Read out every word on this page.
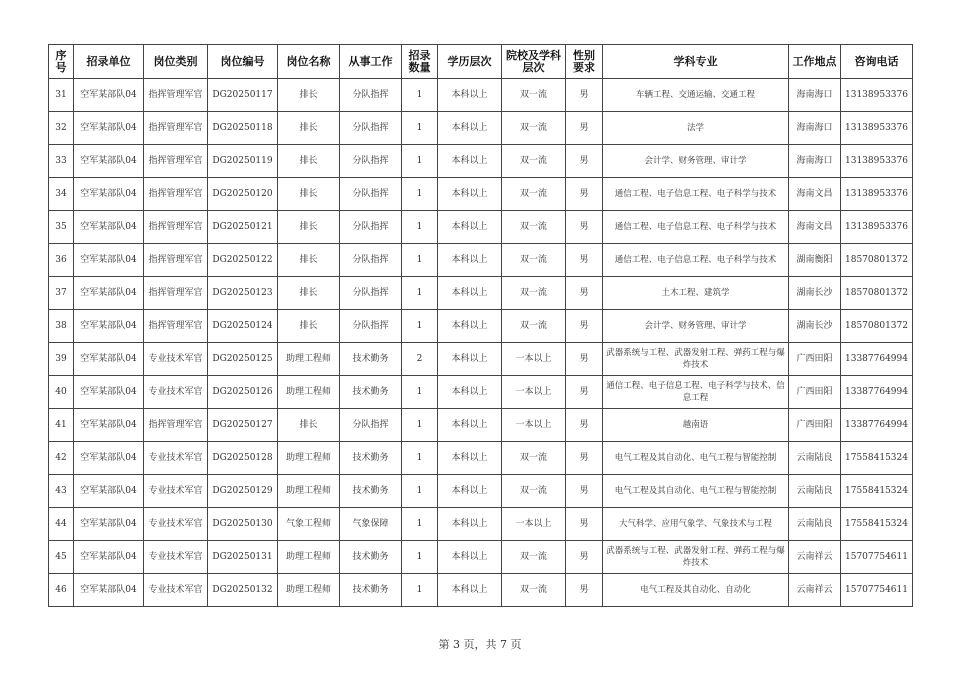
序号	招录单位	岗位类别	岗位编号	岗位名称	从事工作	招录数量	学历层次	院校及学科层次	性别要求	学科专业	工作地点	咨询电话
31	空军某部队04	指挥管理军官	DG20250117	排长	分队指挥	1	本科以上	双一流	男	车辆工程、交通运输、交通工程	海南海口	13138953376
32	空军某部队04	指挥管理军官	DG20250118	排长	分队指挥	1	本科以上	双一流	男	法学	海南海口	13138953376
33	空军某部队04	指挥管理军官	DG20250119	排长	分队指挥	1	本科以上	双一流	男	会计学、财务管理、审计学	海南海口	13138953376
34	空军某部队04	指挥管理军官	DG20250120	排长	分队指挥	1	本科以上	双一流	男	通信工程、电子信息工程、电子科学与技术	海南文昌	13138953376
35	空军某部队04	指挥管理军官	DG20250121	排长	分队指挥	1	本科以上	双一流	男	通信工程、电子信息工程、电子科学与技术	海南文昌	13138953376
36	空军某部队04	指挥管理军官	DG20250122	排长	分队指挥	1	本科以上	双一流	男	通信工程、电子信息工程、电子科学与技术	湖南衡阳	18570801372
37	空军某部队04	指挥管理军官	DG20250123	排长	分队指挥	1	本科以上	双一流	男	土木工程、建筑学	湖南长沙	18570801372
38	空军某部队04	指挥管理军官	DG20250124	排长	分队指挥	1	本科以上	双一流	男	会计学、财务管理、审计学	湖南长沙	18570801372
39	空军某部队04	专业技术军官	DG20250125	助理工程师	技术勤务	2	本科以上	一本以上	男	武器系统与工程、武器发射工程、弹药工程与爆炸技术	广西田阳	13387764994
40	空军某部队04	专业技术军官	DG20250126	助理工程师	技术勤务	1	本科以上	一本以上	男	通信工程、电子信息工程、电子科学与技术、信息工程	广西田阳	13387764994
41	空军某部队04	指挥管理军官	DG20250127	排长	分队指挥	1	本科以上	一本以上	男	越南语	广西田阳	13387764994
42	空军某部队04	专业技术军官	DG20250128	助理工程师	技术勤务	1	本科以上	双一流	男	电气工程及其自动化、电气工程与智能控制	云南陆良	17558415324
43	空军某部队04	专业技术军官	DG20250129	助理工程师	技术勤务	1	本科以上	双一流	男	电气工程及其自动化、电气工程与智能控制	云南陆良	17558415324
44	空军某部队04	专业技术军官	DG20250130	气象工程师	气象保障	1	本科以上	一本以上	男	大气科学、应用气象学、气象技术与工程	云南陆良	17558415324
45	空军某部队04	专业技术军官	DG20250131	助理工程师	技术勤务	1	本科以上	双一流	男	武器系统与工程、武器发射工程、弹药工程与爆炸技术	云南祥云	15707754611
46	空军某部队04	专业技术军官	DG20250132	助理工程师	技术勤务	1	本科以上	双一流	男	电气工程及其自动化、自动化	云南祥云	15707754611
第 3 页，共 7 页
